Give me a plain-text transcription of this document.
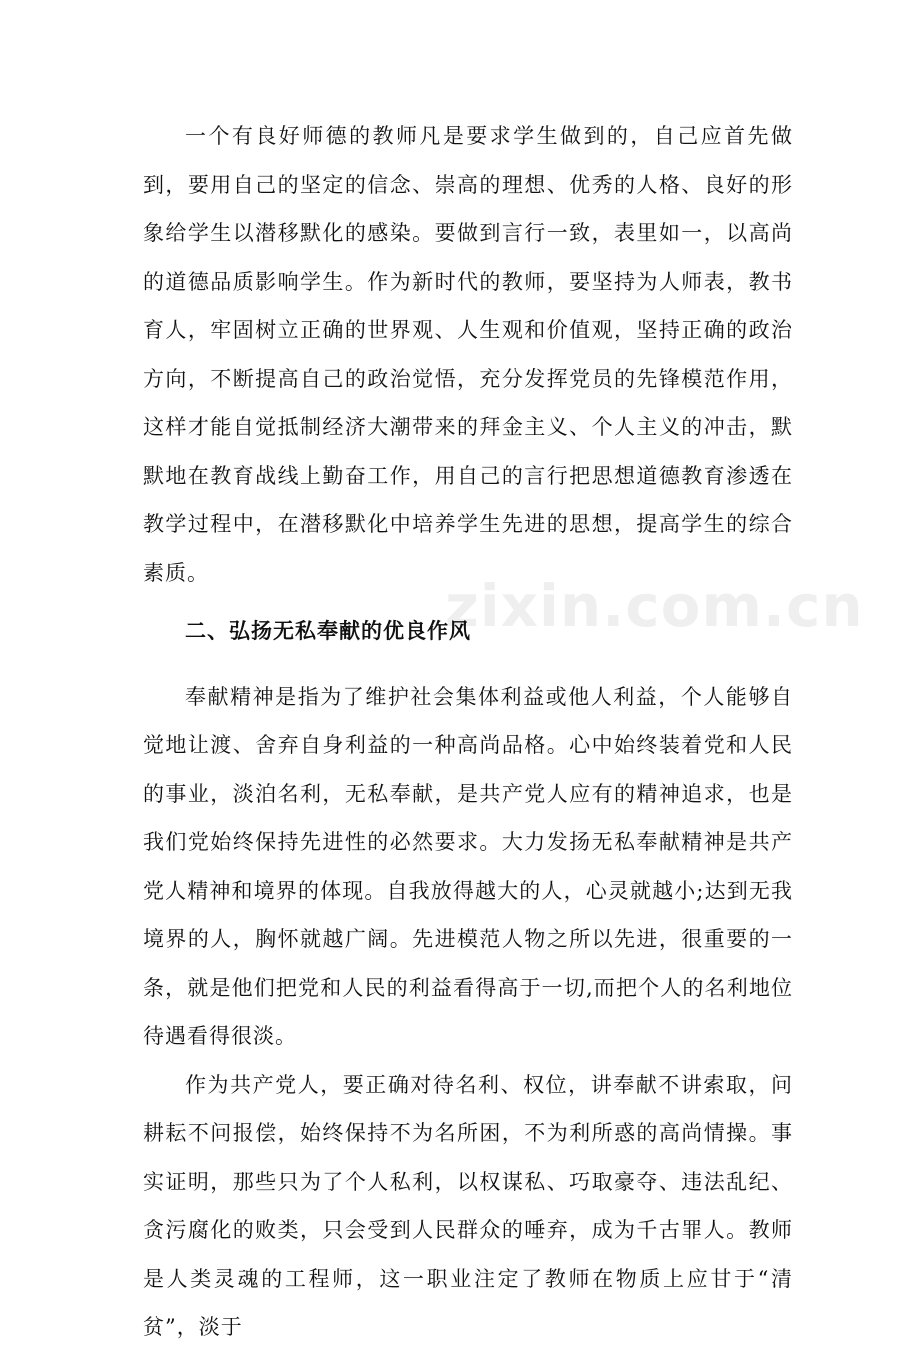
一个有良好师德的教师凡是要求学生做到的，自己应首先做到，要用自己的坚定的信念、崇高的理想、优秀的人格、良好的形象给学生以潜移默化的感染。要做到言行一致，表里如一，以高尚的道德品质影响学生。作为新时代的教师，要坚持为人师表，教书育人，牢固树立正确的世界观、人生观和价值观，坚持正确的政治方向，不断提高自己的政治觉悟，充分发挥党员的先锋模范作用，这样才能自觉抵制经济大潮带来的拜金主义、个人主义的冲击，默默地在教育战线上勤奋工作，用自己的言行把思想道德教育渗透在教学过程中，在潜移默化中培养学生先进的思想，提高学生的综合素质。

二、弘扬无私奉献的优良作风

奉献精神是指为了维护社会集体利益或他人利益，个人能够自觉地让渡、舍弃自身利益的一种高尚品格。心中始终装着党和人民的事业，淡泊名利，无私奉献，是共产党人应有的精神追求，也是我们党始终保持先进性的必然要求。大力发扬无私奉献精神是共产党人精神和境界的体现。自我放得越大的人，心灵就越小;达到无我境界的人，胸怀就越广阔。先进模范人物之所以先进，很重要的一条，就是他们把党和人民的利益看得高于一切,而把个人的名利地位待遇看得很淡。

作为共产党人，要正确对待名利、权位，讲奉献不讲索取，问耕耘不问报偿，始终保持不为名所困，不为利所惑的高尚情操。事实证明，那些只为了个人私利，以权谋私、巧取豪夺、违法乱纪、贪污腐化的败类，只会受到人民群众的唾弃，成为千古罪人。教师是人类灵魂的工程师，这一职业注定了教师在物质上应甘于“清贫”，淡于

zixin.com.cn
